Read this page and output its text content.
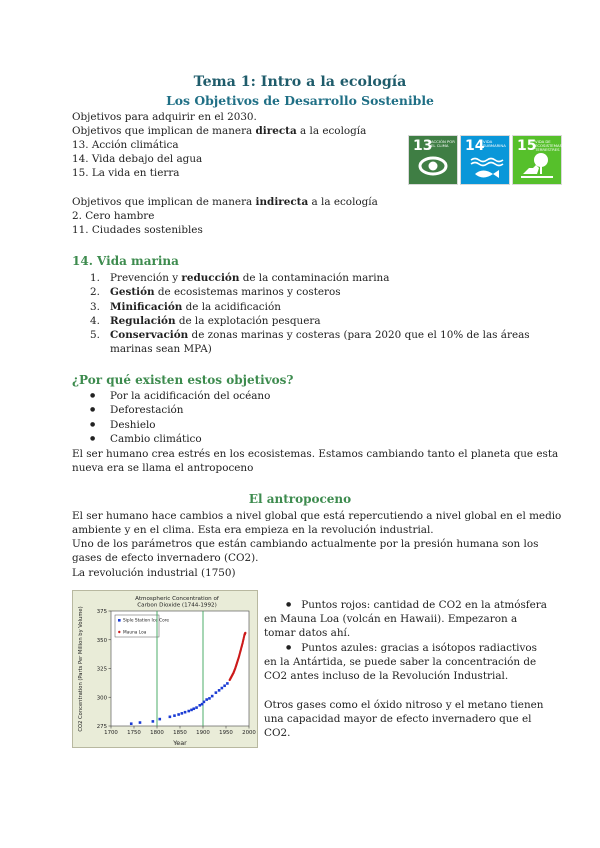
Tema 1: Intro a la ecología
Los Objetivos de Desarrollo Sostenible
Objetivos para adquirir en el 2030.
Objetivos que implican de manera directa a la ecología
13. Acción climática
14. Vida debajo del agua
15. La vida en tierra
Objetivos que implican de manera indirecta a la ecología
2. Cero hambre
11. Ciudades sostenibles
13
ACCIÓN POR EL CLIMA	14
VIDA SUBMARINA 15
VIDA DE ECOSISTEMAS TERRESTRES
14. Vida marina
1. Prevención y reducción de la contaminación marina
2. Gestión de ecosistemas marinos y costeros
3. Minificación de la acidificación
4. Regulación de la explotación pesquera
5. Conservación de zonas marinas y costeras (para 2020 que el 10% de las áreas
marinas sean MPA)
¿Por qué existen estos objetivos?
●
Por la acidificación del océano
●
Deforestación
●
Deshielo
●
Cambio climático
El ser humano crea estrés en los ecosistemas. Estamos cambiando tanto el planeta que esta
nueva era se llama el antropoceno
El antropoceno
El ser humano hace cambios a nivel global que está repercutiendo a nivel global en el medio
ambiente y en el clima. Esta era empieza en la revolución industrial.
Uno de los parámetros que están cambiando actualmente por la presión humana son los
gases de efecto invernadero (CO2).
La revolución industrial (1750)
Atmospheric Concentration of Carbon Dioxide (1744-1992)
CO2 Concentration (Parts Per Million by Volume)
Year
Siple Station Ice Core
Mauna Loa
1700 1750 1800 1850 1900 1950 2000
275
300
325
350
375
● Puntos rojos: cantidad de CO2 en la atmósfera
en Mauna Loa (volcán en Hawaii). Empezaron a
tomar datos ahí.
● Puntos azules: gracias a isótopos radiactivos
en la Antártida, se puede saber la concentración de
CO2 antes incluso de la Revolución Industrial.
Otros gases como el óxido nitroso y el metano tienen
una capacidad mayor de efecto invernadero que el
CO2.
